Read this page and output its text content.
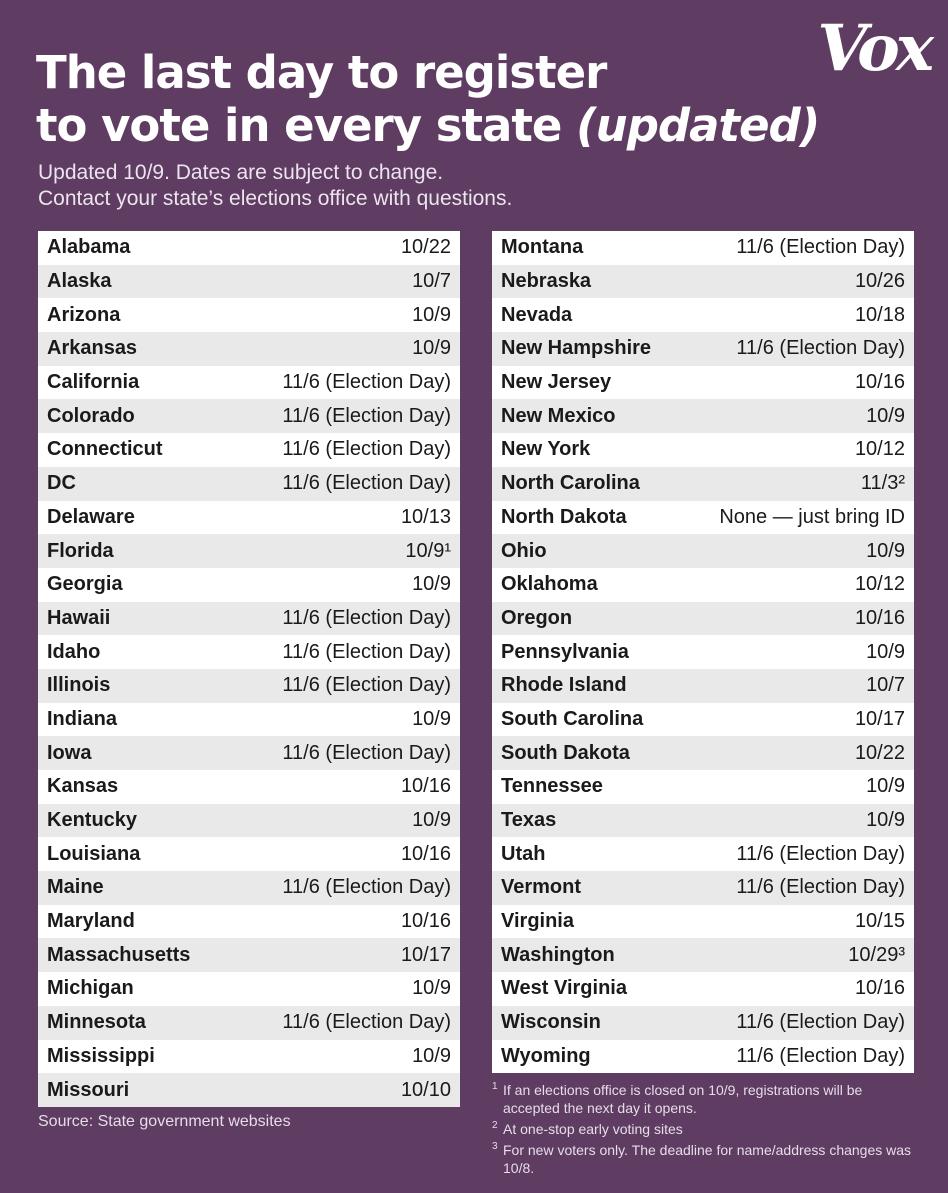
The last day to register
to vote in every state (updated)
Vox
Updated 10/9. Dates are subject to change.
Contact your state’s elections office with questions.
Alabama	10/22
Alaska	10/7
Arizona	10/9
Arkansas	10/9
California	11/6 (Election Day)
Colorado	11/6 (Election Day)
Connecticut	11/6 (Election Day)
DC	11/6 (Election Day)
Delaware	10/13
Florida	10/9¹
Georgia	10/9
Hawaii	11/6 (Election Day)
Idaho	11/6 (Election Day)
Illinois	11/6 (Election Day)
Indiana	10/9
Iowa	11/6 (Election Day)
Kansas	10/16
Kentucky	10/9
Louisiana	10/16
Maine	11/6 (Election Day)
Maryland	10/16
Massachusetts	10/17
Michigan	10/9
Minnesota	11/6 (Election Day)
Mississippi	10/9
Missouri	10/10
Montana	11/6 (Election Day)
Nebraska	10/26
Nevada	10/18
New Hampshire	11/6 (Election Day)
New Jersey	10/16
New Mexico	10/9
New York	10/12
North Carolina	11/3²
North Dakota	None — just bring ID
Ohio	10/9
Oklahoma	10/12
Oregon	10/16
Pennsylvania	10/9
Rhode Island	10/7
South Carolina	10/17
South Dakota	10/22
Tennessee	10/9
Texas	10/9
Utah	11/6 (Election Day)
Vermont	11/6 (Election Day)
Virginia	10/15
Washington	10/29³
West Virginia	10/16
Wisconsin	11/6 (Election Day)
Wyoming	11/6 (Election Day)
Source: State government websites
1 If an elections office is closed on 10/9, registrations will be accepted the next day it opens.
2 At one-stop early voting sites
3 For new voters only. The deadline for name/address changes was 10/8.
